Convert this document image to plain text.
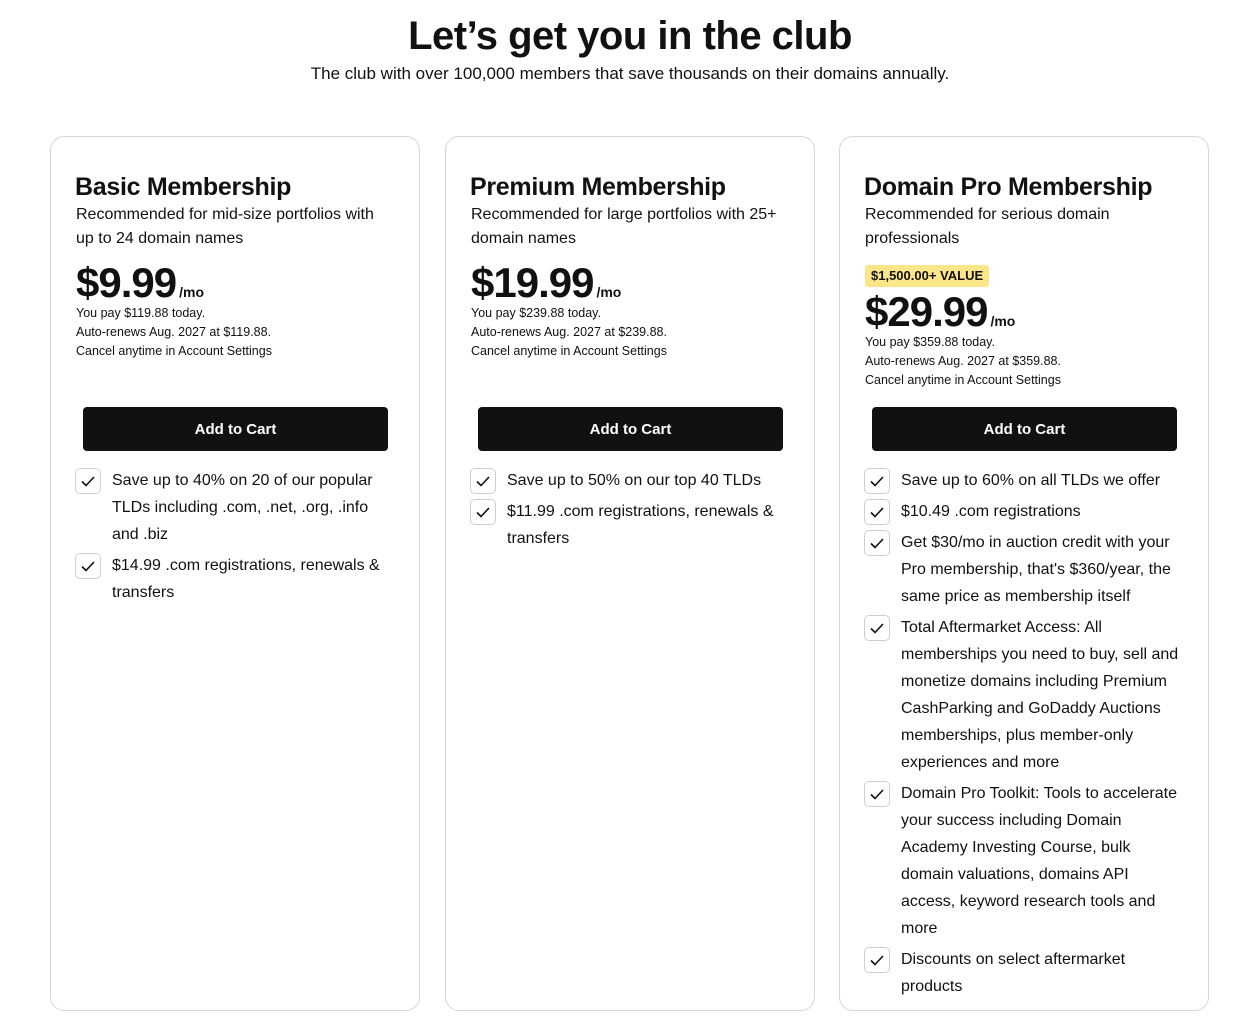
Let’s get you in the club

The club with over 100,000 members that save thousands on their domains annually.

Basic Membership

Recommended for mid-size portfolios with up to 24 domain names

$9.99 /mo

You pay $119.88 today.

Auto-renews Aug. 2027 at $119.88.

Cancel anytime in Account Settings

Add to Cart
Save up to 40% on 20 of our popular TLDs including .com, .net, .org, .info and .biz
$14.99 .com registrations, renewals & transfers
Premium Membership

Recommended for large portfolios with 25+ domain names

$19.99 /mo

You pay $239.88 today.

Auto-renews Aug. 2027 at $239.88.

Cancel anytime in Account Settings

Add to Cart
Save up to 50% on our top 40 TLDs
$11.99 .com registrations, renewals & transfers
Domain Pro Membership

Recommended for serious domain professionals

$1,500.00+ VALUE
$29.99 /mo

You pay $359.88 today.

Auto-renews Aug. 2027 at $359.88.

Cancel anytime in Account Settings

Add to Cart
Save up to 60% on all TLDs we offer
$10.49 .com registrations
Get $30/mo in auction credit with your Pro membership, that's $360/year, the same price as membership itself
Total Aftermarket Access: All memberships you need to buy, sell and monetize domains including Premium CashParking and GoDaddy Auctions memberships, plus member-only experiences and more
Domain Pro Toolkit: Tools to accelerate your success including Domain Academy Investing Course, bulk domain valuations, domains API access, keyword research tools and more
Discounts on select aftermarket products
